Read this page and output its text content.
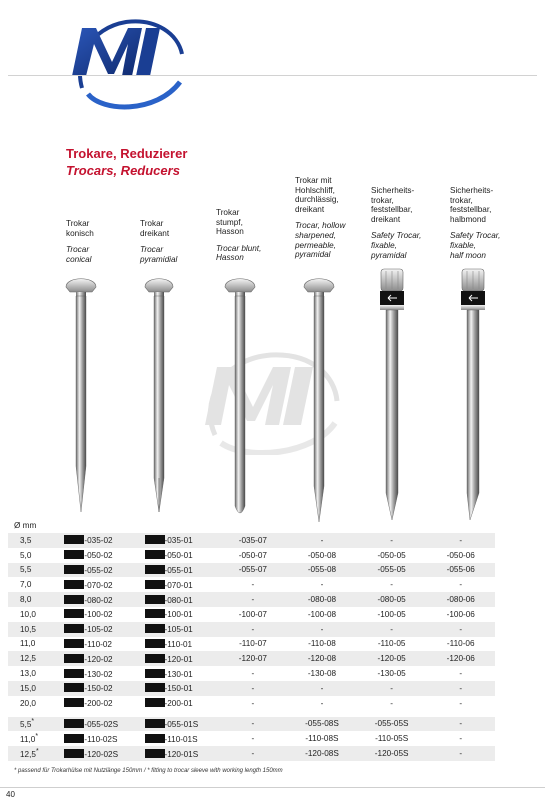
Trokare, Reduzierer
Trocars, Reducers
Trokar
konisch
Trocar
conical
Trokar
dreikant
Trocar
pyramidial
Trokar
stumpf,
Hasson
Trocar blunt,
Hasson
Trokar mit
Hohlschliff,
durchlässig,
dreikant
Trocar, hollow
sharpened,
permeable,
pyramidal
Sicherheits-
trokar,
feststellbar,
dreikant
Safety Trocar,
fixable,
pyramidal
Sicherheits-
trokar,
feststellbar,
halbmond
Safety Trocar,
fixable,
half moon
Ø mm
3,5	-035-02	-035-01	-035-07	-	-	-
5,0	-050-02	-050-01	-050-07	-050-08	-050-05	-050-06
5,5	-055-02	-055-01	-055-07	-055-08	-055-05	-055-06
7,0	-070-02	-070-01	-	-	-	-
8,0	-080-02	-080-01	-	-080-08	-080-05	-080-06
10,0	-100-02	-100-01	-100-07	-100-08	-100-05	-100-06
10,5	-105-02	-105-01	-	-	-	-
11,0	-110-02	-110-01	-110-07	-110-08	-110-05	-110-06
12,5	-120-02	-120-01	-120-07	-120-08	-120-05	-120-06
13,0	-130-02	-130-01	-	-130-08	-130-05	-
15,0	-150-02	-150-01	-	-	-	-
20,0	-200-02	-200-01	-	-	-	-

5,5*	-055-02S	-055-01S	-	-055-08S	-055-05S	-
11,0*	-110-02S	-110-01S	-	-110-08S	-110-05S	-
12,5*	-120-02S	-120-01S	-	-120-08S	-120-05S	-
* passend für Trokarhülse mit Nutzlänge 150mm / * fitting to trocar sleeve with working length 150mm
40
